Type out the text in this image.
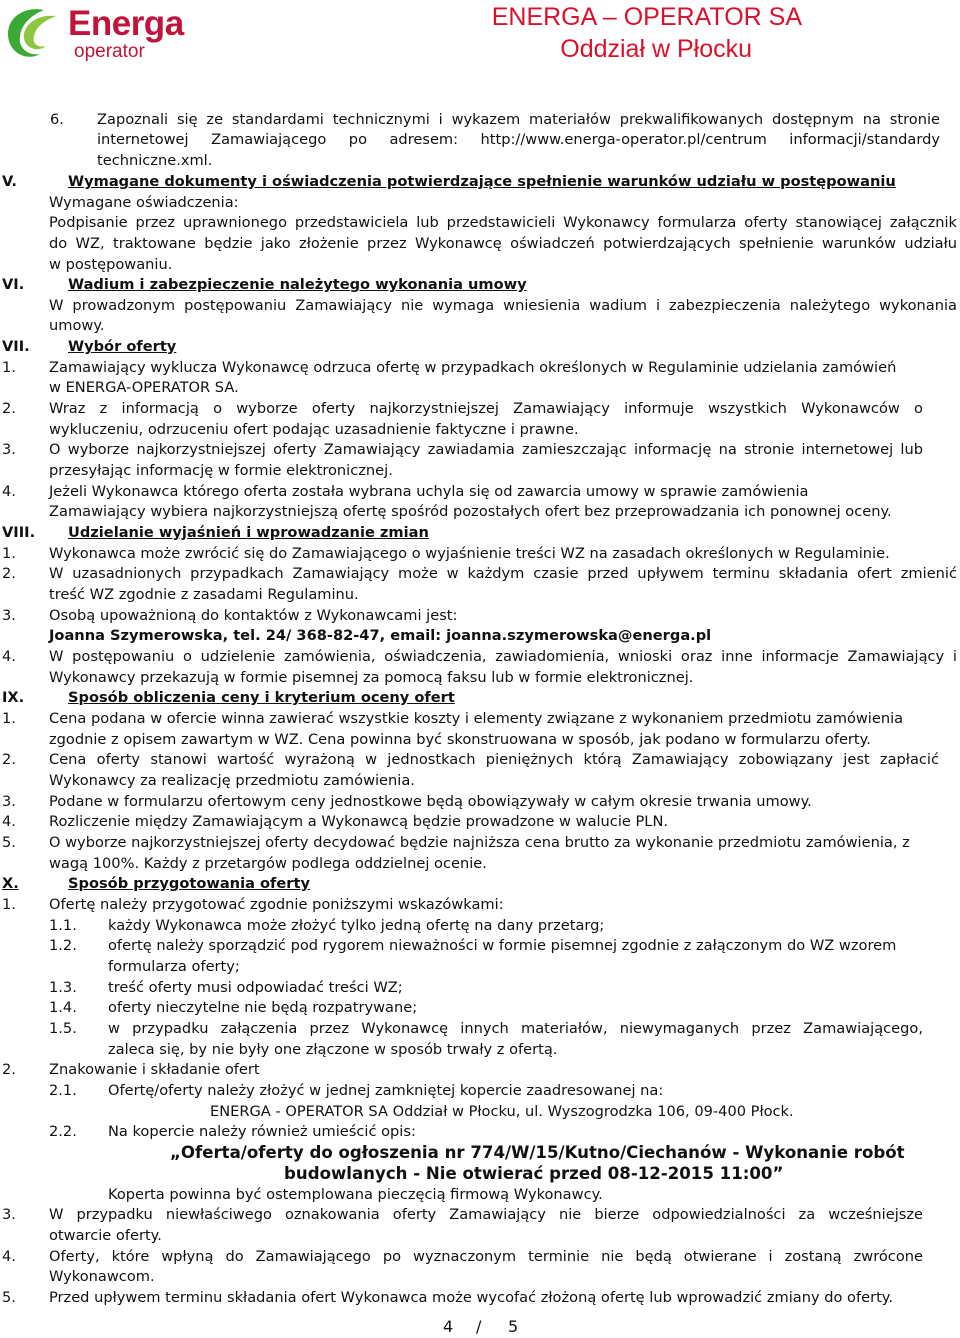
Energa
operator
ENERGA – OPERATOR SA
Oddział w Płocku
6. Zapoznali się ze standardami technicznymi i wykazem materiałów prekwalifikowanych dostępnym na stronie
internetowej Zamawiającego po adresem: http://www.energa-operator.pl/centrum informacji/standardy
techniczne.xml.
V.	Wymagane dokumenty i oświadczenia potwierdzające spełnienie warunków udziału w postępowaniu
Wymagane oświadczenia:
Podpisanie przez uprawnionego przedstawiciela lub przedstawicieli Wykonawcy formularza oferty stanowiącej załącznik
do WZ, traktowane będzie jako złożenie przez Wykonawcę oświadczeń potwierdzających spełnienie warunków udziału
w postępowaniu.
VI.	Wadium i zabezpieczenie należytego wykonania umowy
W prowadzonym postępowaniu Zamawiający nie wymaga wniesienia wadium i zabezpieczenia należytego wykonania
umowy.
VII.	Wybór oferty
1. Zamawiający wyklucza Wykonawcę odrzuca ofertę w przypadkach określonych w Regulaminie udzielania zamówień
w ENERGA-OPERATOR SA.
2. Wraz z informacją o wyborze oferty najkorzystniejszej Zamawiający informuje wszystkich Wykonawców o
wykluczeniu, odrzuceniu ofert podając uzasadnienie faktyczne i prawne.
3. O wyborze najkorzystniejszej oferty Zamawiający zawiadamia zamieszczając informację na stronie internetowej lub
przesyłając informację w formie elektronicznej.
4. Jeżeli Wykonawca którego oferta została wybrana uchyla się od zawarcia umowy w sprawie zamówienia
Zamawiający wybiera najkorzystniejszą ofertę spośród pozostałych ofert bez przeprowadzania ich ponownej oceny.
VIII. Udzielanie wyjaśnień i wprowadzanie zmian
1. Wykonawca może zwrócić się do Zamawiającego o wyjaśnienie treści WZ na zasadach określonych w Regulaminie.
2. W uzasadnionych przypadkach Zamawiający może w każdym czasie przed upływem terminu składania ofert zmienić
treść WZ zgodnie z zasadami Regulaminu.
3. Osobą upoważnioną do kontaktów z Wykonawcami jest:
Joanna Szymerowska, tel. 24/ 368-82-47, email: joanna.szymerowska@energa.pl
4. W postępowaniu o udzielenie zamówienia, oświadczenia, zawiadomienia, wnioski oraz inne informacje Zamawiający i
Wykonawcy przekazują w formie pisemnej za pomocą faksu lub w formie elektronicznej.
IX.	Sposób obliczenia ceny i kryterium oceny ofert
1. Cena podana w ofercie winna zawierać wszystkie koszty i elementy związane z wykonaniem przedmiotu zamówienia
zgodnie z opisem zawartym w WZ. Cena powinna być skonstruowana w sposób, jak podano w formularzu oferty.
2. Cena oferty stanowi wartość wyrażoną w jednostkach pieniężnych którą Zamawiający zobowiązany jest zapłacić
Wykonawcy za realizację przedmiotu zamówienia.
3. Podane w formularzu ofertowym ceny jednostkowe będą obowiązywały w całym okresie trwania umowy.
4. Rozliczenie między Zamawiającym a Wykonawcą będzie prowadzone w walucie PLN.
5. O wyborze najkorzystniejszej oferty decydować będzie najniższa cena brutto za wykonanie przedmiotu zamówienia, z
wagą 100%. Każdy z przetargów podlega oddzielnej ocenie.
X.	Sposób przygotowania oferty
1. Ofertę należy przygotować zgodnie poniższymi wskazówkami:
1.1. każdy Wykonawca może złożyć tylko jedną ofertę na dany przetarg;
1.2. ofertę należy sporządzić pod rygorem nieważności w formie pisemnej zgodnie z załączonym do WZ wzorem
formularza oferty;
1.3. treść oferty musi odpowiadać treści WZ;
1.4. oferty nieczytelne nie będą rozpatrywane;
1.5. w przypadku załączenia przez Wykonawcę innych materiałów, niewymaganych przez Zamawiającego,
zaleca się, by nie były one złączone w sposób trwały z ofertą.
2. Znakowanie i składanie ofert
2.1. Ofertę/oferty należy złożyć w jednej zamkniętej kopercie zaadresowanej na:
ENERGA - OPERATOR SA Oddział w Płocku, ul. Wyszogrodzka 106, 09-400 Płock.
2.2. Na kopercie należy również umieścić opis:
„Oferta/oferty do ogłoszenia nr 774/W/15/Kutno/Ciechanów - Wykonanie robót
budowlanych - Nie otwierać przed 08-12-2015 11:00”
Koperta powinna być ostemplowana pieczęcią firmową Wykonawcy.
3. W przypadku niewłaściwego oznakowania oferty Zamawiający nie bierze odpowiedzialności za wcześniejsze
otwarcie oferty.
4. Oferty, które wpłyną do Zamawiającego po wyznaczonym terminie nie będą otwierane i zostaną zwrócone
Wykonawcom.
5. Przed upływem terminu składania ofert Wykonawca może wycofać złożoną ofertę lub wprowadzić zmiany do oferty.
4 / 5
